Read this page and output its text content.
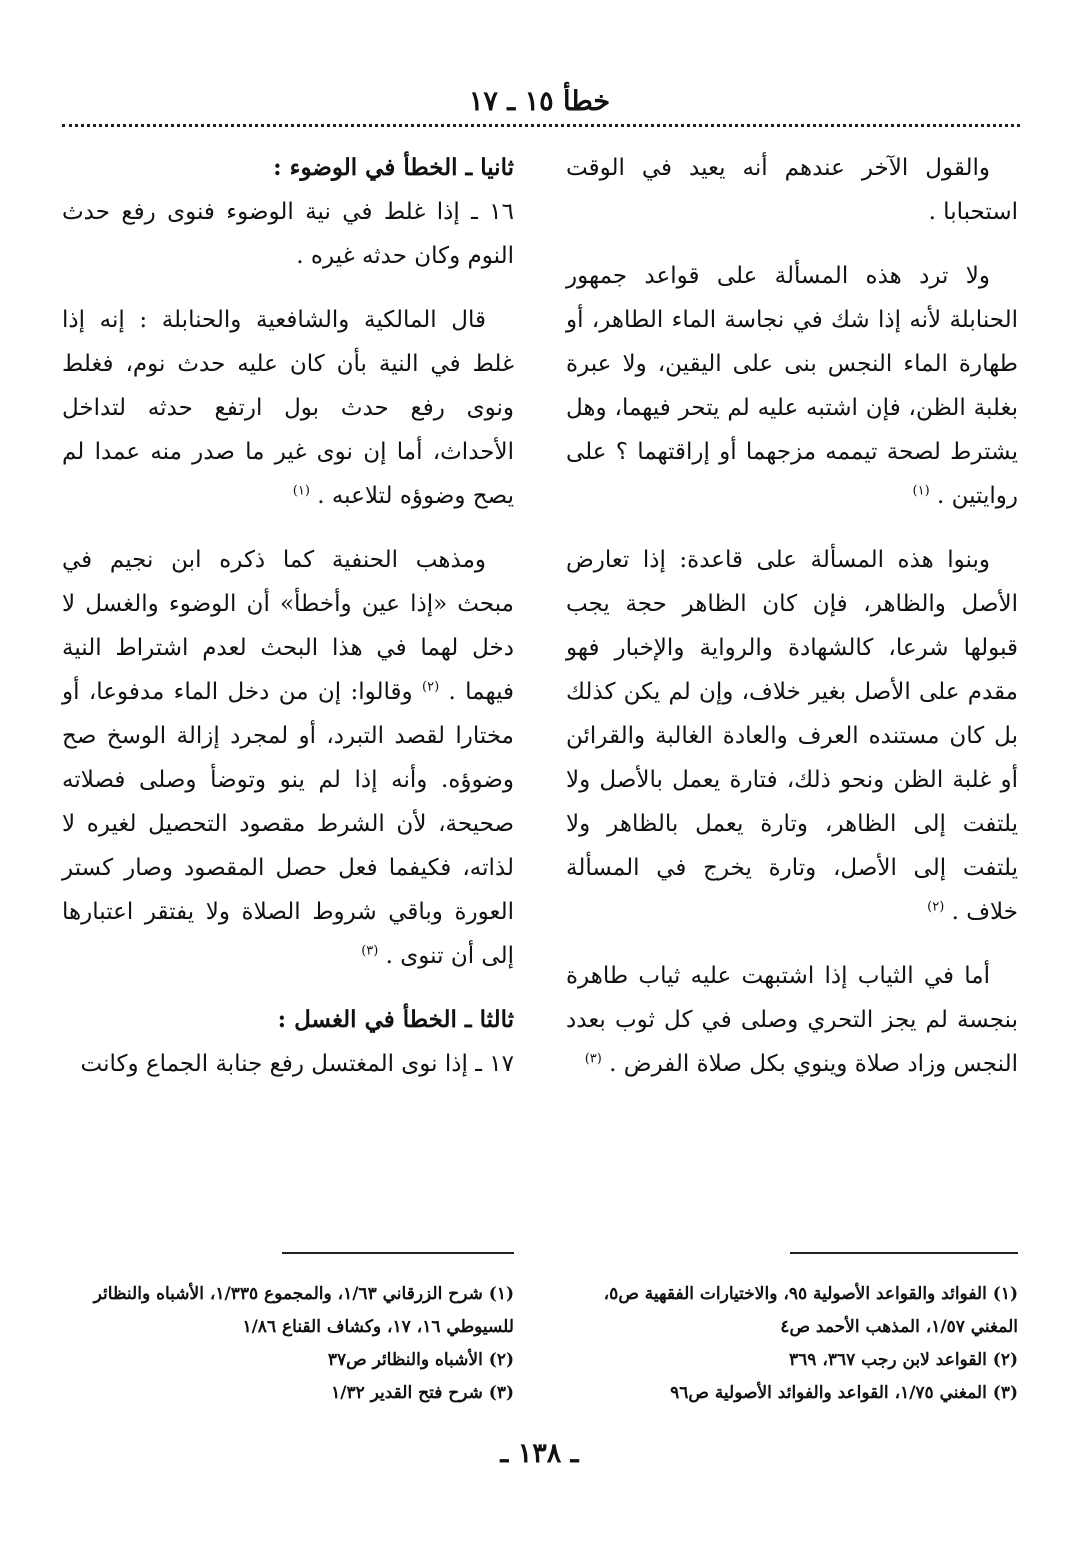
خطأ ١٥ ـ ١٧

والقول الآخر عندهم أنه يعيد في الوقت استحبابا .

ولا ترد هذه المسألة على قواعد جمهور الحنابلة لأنه إذا شك في نجاسة الماء الطاهر، أو طهارة الماء النجس بنى على اليقين، ولا عبرة بغلبة الظن، فإن اشتبه عليه لم يتحر فيهما، وهل يشترط لصحة تيممه مزجهما أو إراقتهما ؟ على روايتين . $^{(١)}$

وبنوا هذه المسألة على قاعدة: إذا تعارض الأصل والظاهر، فإن كان الظاهر حجة يجب قبولها شرعا، كالشهادة والرواية والإخبار فهو مقدم على الأصل بغير خلاف، وإن لم يكن كذلك بل كان مستنده العرف والعادة الغالبة والقرائن أو غلبة الظن ونحو ذلك، فتارة يعمل بالأصل ولا يلتفت إلى الظاهر، وتارة يعمل بالظاهر ولا يلتفت إلى الأصل، وتارة يخرج في المسألة خلاف . $^{(٢)}$

أما في الثياب إذا اشتبهت عليه ثياب طاهرة بنجسة لم يجز التحري وصلى في كل ثوب بعدد النجس وزاد صلاة وينوي بكل صلاة الفرض . $^{(٣)}$

ثانيا ـ الخطأ في الوضوء :

١٦ ـ إذا غلط في نية الوضوء فنوى رفع حدث النوم وكان حدثه غيره .

قال المالكية والشافعية والحنابلة : إنه إذا غلط في النية بأن كان عليه حدث نوم، فغلط ونوى رفع حدث بول ارتفع حدثه لتداخل الأحداث، أما إن نوى غير ما صدر منه عمدا لم يصح وضوؤه لتلاعبه . $^{(١)}$

ومذهب الحنفية كما ذكره ابن نجيم في مبحث «إذا عين وأخطأ» أن الوضوء والغسل لا دخل لهما في هذا البحث لعدم اشتراط النية فيهما . $^{(٢)}$ وقالوا: إن من دخل الماء مدفوعا، أو مختارا لقصد التبرد، أو لمجرد إزالة الوسخ صح وضوؤه. وأنه إذا لم ينو وتوضأ وصلى فصلاته صحيحة، لأن الشرط مقصود التحصيل لغيره لا لذاته، فكيفما فعل حصل المقصود وصار كستر العورة وباقي شروط الصلاة ولا يفتقر اعتبارها إلى أن تنوى . $^{(٣)}$

ثالثا ـ الخطأ في الغسل :

١٧ ـ إذا نوى المغتسل رفع جنابة الجماع وكانت

(١) الفوائد والقواعد الأصولية ٩٥، والاختيارات الفقهية ص٥، المغني ١/٥٧، المذهب الأحمد ص٤

(٢) القواعد لابن رجب ٣٦٧، ٣٦٩

(٣) المغني ١/٧٥، القواعد والفوائد الأصولية ص٩٦

(١) شرح الزرقاني ١/٦٣، والمجموع ١/٣٣٥، الأشباه والنظائر للسيوطي ١٦، ١٧، وكشاف القناع ١/٨٦

(٢) الأشباه والنظائر ص٣٧

(٣) شرح فتح القدير ١/٣٢

ـ ١٣٨ ـ
